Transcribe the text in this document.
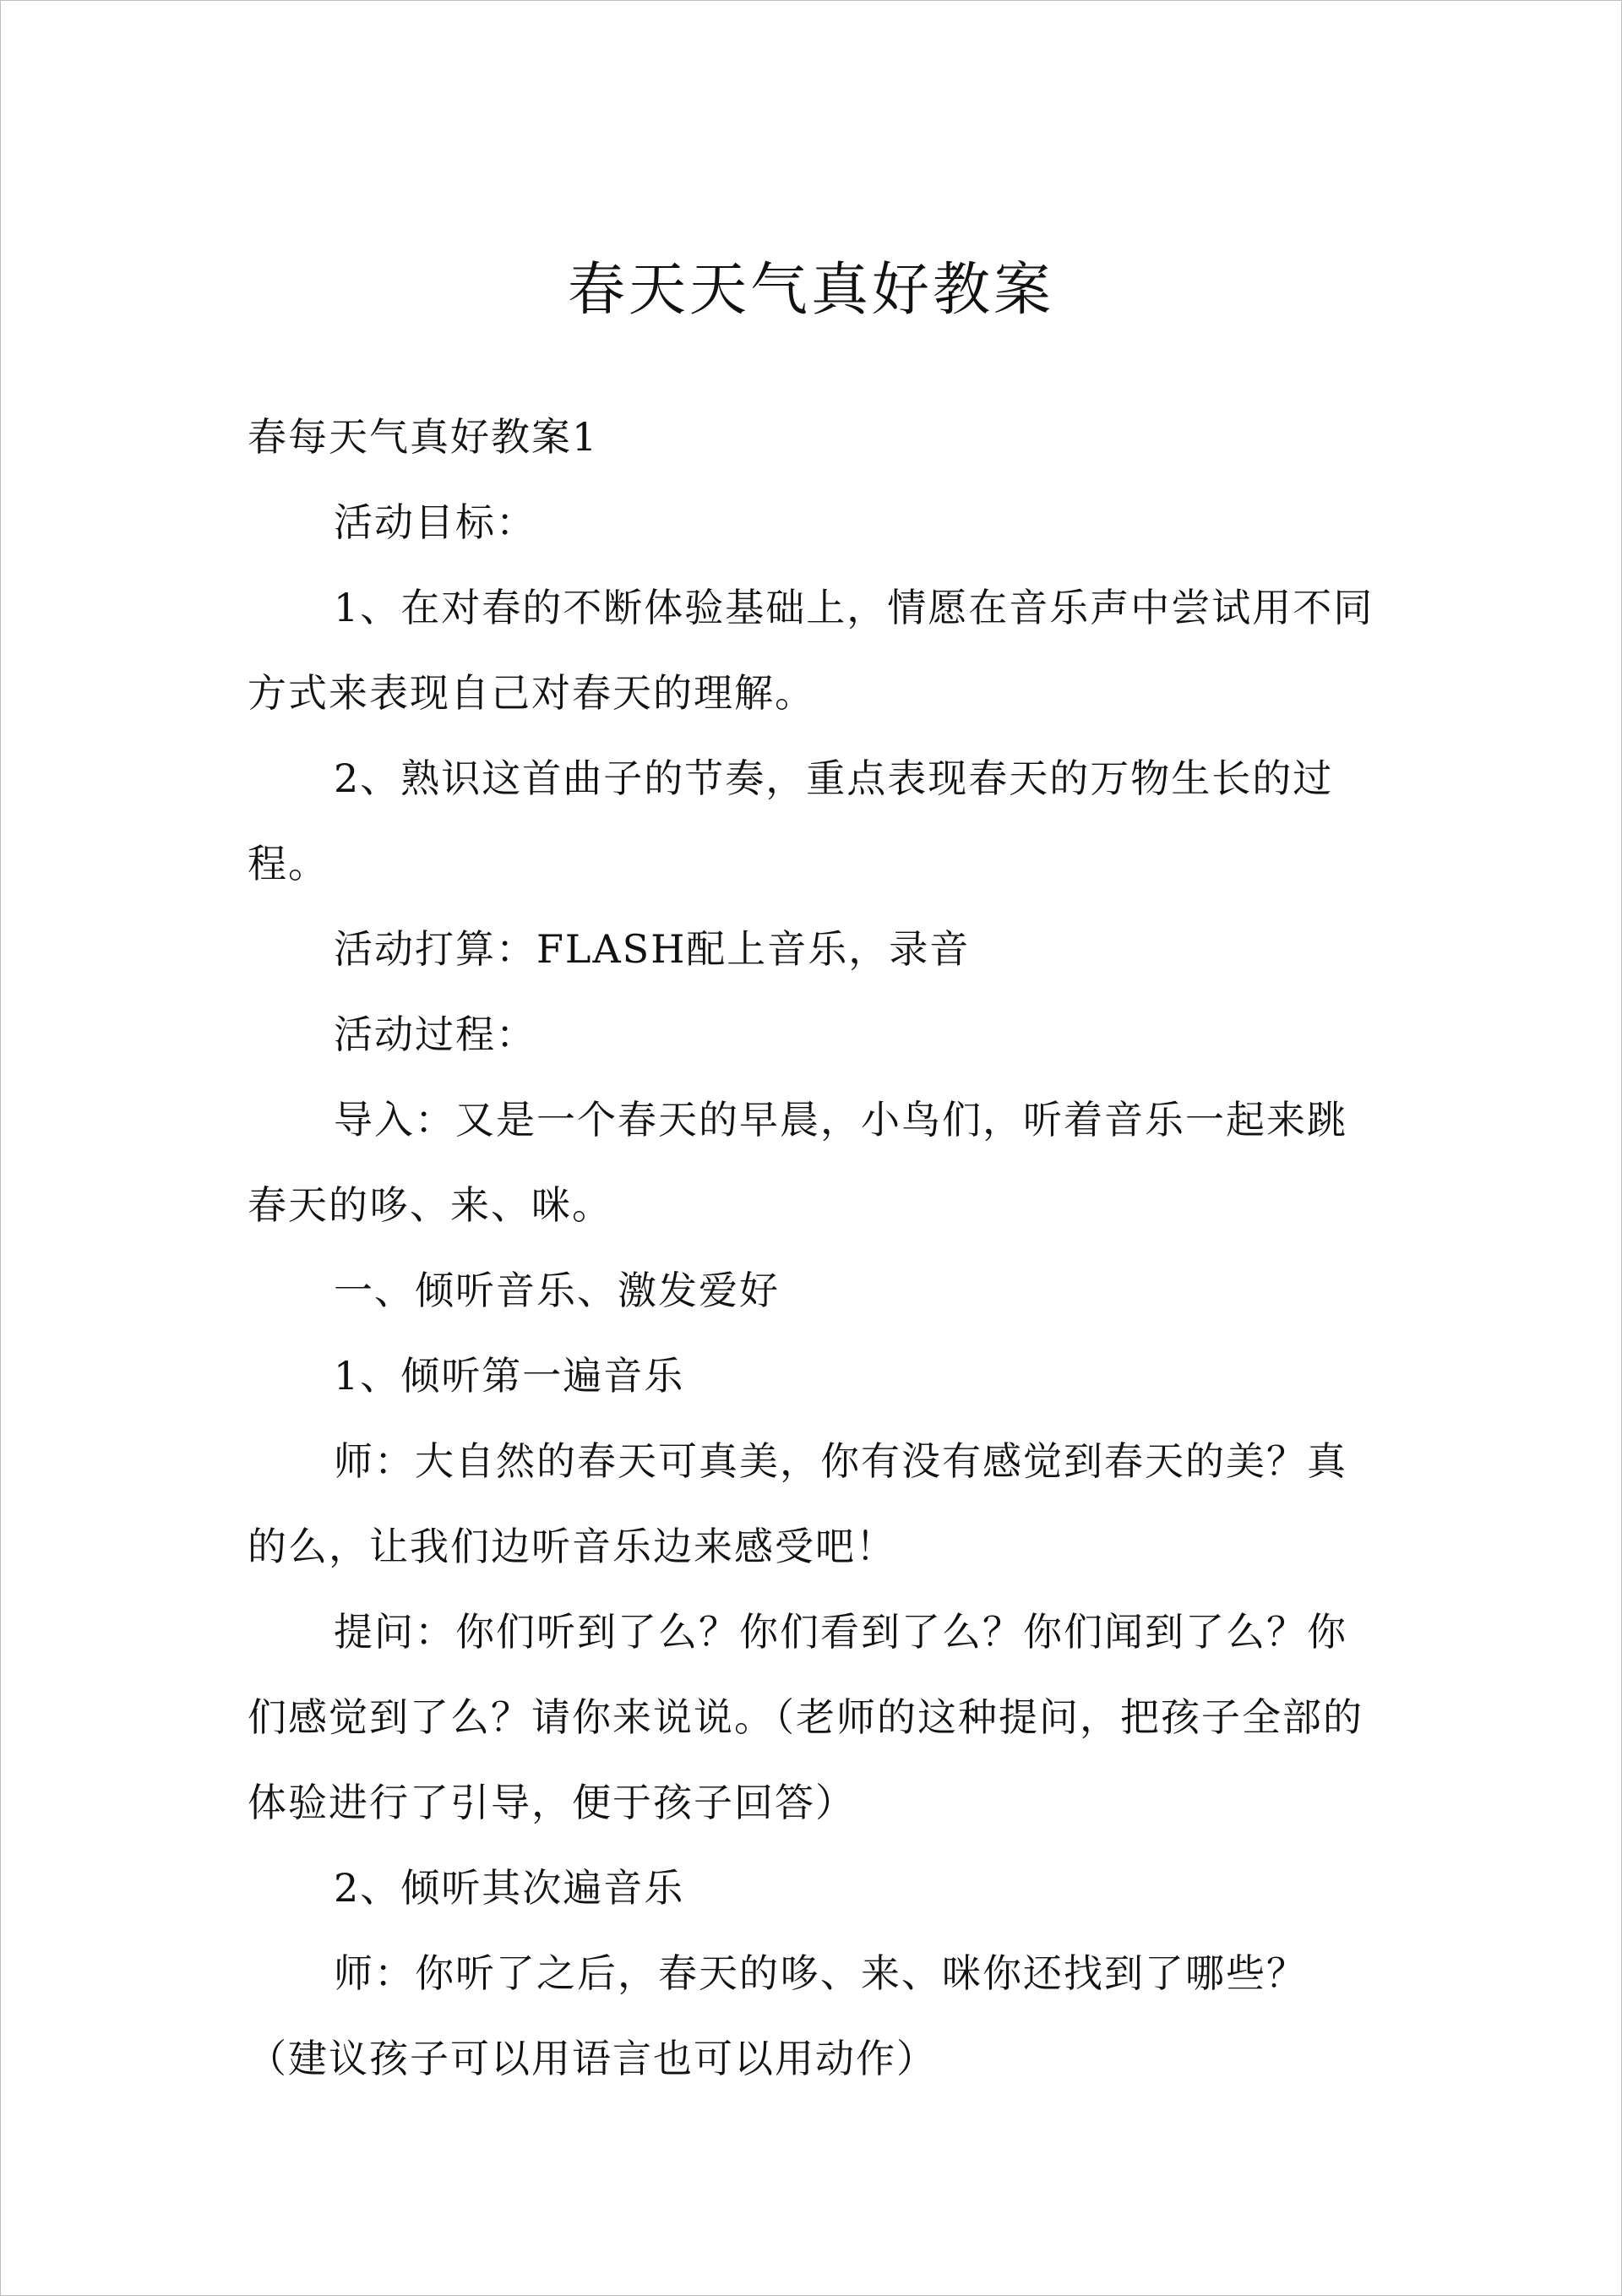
春天天气真好教案

春每天气真好教案1

活动目标：

1、在对春的不断体验基础上，情愿在音乐声中尝试用不同方式来表现自己对春天的理解。

2、熟识这首曲子的节奏，重点表现春天的万物生长的过程。

活动打算：FLASH配上音乐，录音

活动过程：

导入：又是一个春天的早晨，小鸟们，听着音乐一起来跳春天的哆、来、咪。

一、倾听音乐、激发爱好

1、倾听第一遍音乐

师：大自然的春天可真美，你有没有感觉到春天的美？真的么，让我们边听音乐边来感受吧！

提问：你们听到了么？你们看到了么？你们闻到了么？你们感觉到了么？请你来说说。（老师的这种提问，把孩子全部的体验进行了引导，便于孩子回答）

2、倾听其次遍音乐

师：你听了之后，春天的哆、来、咪你还找到了哪些？（建议孩子可以用语言也可以用动作）
